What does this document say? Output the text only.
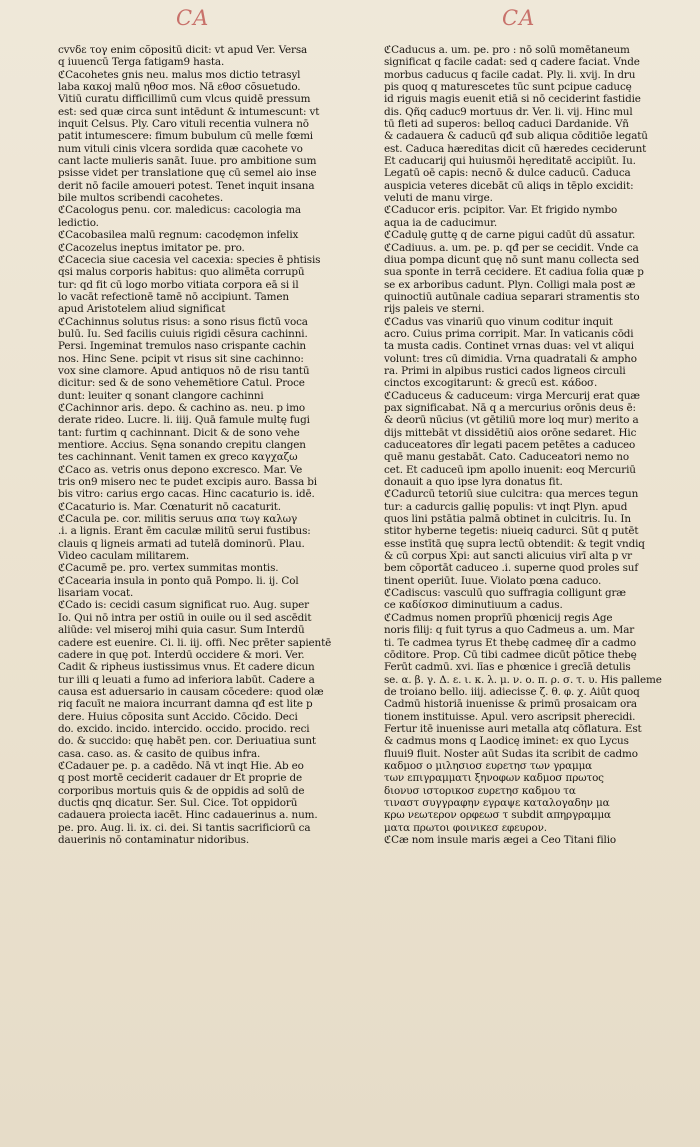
CA	CA
cvvδε τογ enim cõpositū dicit: vt apud Ver. Versa
q iuuencū Terga fatigam9 hasta.
ℭCacohetes gnis neu. malus mos dictio tetrasyl
laba κακοϳ malū ηθοσ mos. Nā εθοσ cõsuetudo.
Vitiū curatu difficillimū cum vlcus quidē pressum
est: sed quæ circa sunt intēdunt & intumescunt: vt
inquit Celsus. Ply. Caro vituli recentia vulnera nō
patit intumescere: fimum bubulum cū melle fœmi
num vituli cinis vlcera sordida quæ cacohete vo
cant lacte mulieris sanāt. Iuue. pro ambitione sum
psisse videt per translatione quę cū semel aio inse
derit nō facile amoueri potest. Tenet inquit insana
bile multos scribendi cacohetes.
ℭCacologus penu. cor. maledicus: cacologia ma
ledictio.
ℭCacobasilea malū regnum: cacodęmon infelix
ℭCacozelus ineptus imitator pe. pro.
ℭCacecia siue cacesia vel cacexia: species ē phtisis
qsi malus corporis habitus: quo alimēta corrupū
tur: qd fit cū logo morbo vitiata corpora eā si il
lo vacāt refectionē tamē nō accipiunt. Tamen
apud Aristotelem aliud significat
ℭCachinnus solutus risus: a sono risus fictū voca
bulū. Iu. Sed facilis cuiuis rigidi cēsura cachinni.
Persi. Ingeminat tremulos naso crispante cachin
nos. Hinc Sene. pcipit vt risus sit sine cachinno:
vox sine clamore. Apud antiquos nō de risu tantū
dicitur: sed & de sono vehemētiore Catul. Proce
dunt: leuiter q sonant clangore cachinni
ℭCachinnor aris. depo. & cachino as. neu. p imo
derate rideo. Lucre. li. iiij. Quā famule multę fugi
tant: furtim q cachinnant. Dicit & de sono vehe
mentiore. Accius. Sęna sonando crepitu clangen
tes cachinnant. Venit tamen ex greco καγχαζω
ℭCaco as. vetris onus depono excresco. Mar. Ve
tris on9 misero nec te pudet excipis auro. Bassa bi
bis vitro: carius ergo cacas. Hinc cacaturio is. idē.
ℭCacaturio is. Mar. Cœnaturit nō cacaturit.
ℭCacula pe. cor. militis seruus απα τωγ καλωγ
.i. a lignis. Erant ēm caculæ militū serui fustibus:
clauis q ligneis armati ad tutelā dominorū. Plau.
Video caculam militarem.
ℭCacumē pe. pro. vertex summitas montis.
ℭCacearia insula in ponto quā Pompo. li. ij. Col
lisariam vocat.
ℭCado is: cecidi casum significat ruo. Aug. super
Io. Qui nō intra per ostiū in ouile ou il sed ascēdit
aliūde: vel miseroj mihi quia casur. Sum Interdū
cadere est euenire. Ci. li. iij. offi. Nec prēter sapientē
cadere in quę pot. Interdū occidere & mori. Ver.
Cadit & ripheus iustissimus vnus. Et cadere dicun
tur illi q leuati a fumo ad inferiora labūt. Cadere a
causa est aduersario in causam cōcedere: quod olæ
riq facuīt ne maiora incurrant damna qđ est lite p
dere. Huius cōposita sunt Accido. Cōcido. Deci
do. excido. incido. intercido. occido. procido. reci
do. & succido: quę habēt pen. cor. Deriuatiua sunt
casa. caso. as. & casito de quibus infra.
ℭCadauer pe. p. a cadēdo. Nā vt inqt Hie. Ab eo
q post mortē ceciderit cadauer dr Et proprie de
corporibus mortuis quis & de oppidis ad solū de
ductis qnq dicatur. Ser. Sul. Cice. Tot oppidorū
cadauera proiecta iacēt. Hinc cadauerinus a. num.
pe. pro. Aug. li. ix. ci. dei. Si tantis sacrificiorū ca
dauerinis nō contaminatur nidoribus.
ℭCaducus a. um. pe. pro : nō solū momētaneum
significat q facile cadat: sed q cadere faciat. Vnde
morbus caducus q facile cadat. Ply. li. xvij. In dru
pis quoq q maturescetes tūc sunt pcipue caducę
id riguis magis euenit etiā si nō ceciderint fastidie
dis. Qñq caduc9 mortuus dr. Ver. li. vij. Hinc mul
tū fleti ad superos: belloq caduci Dardanide. Vñ
& cadauera & caducū qđ sub aliqua cōditiōe legatū
est. Caduca hæreditas dicit cū hæredes ceciderunt
Et caducarij qui huiusmōi hęreditatē accipiūt. Iu.
Legatū oē capis: necnō & dulce caducū. Caduca
auspicia veteres dicebāt cū aliqs in tēplo excidit:
veluti de manu virge.
ℭCaducor eris. pcipitor. Var. Et frigido nymbo
aqua ia de caducimur.
ℭCadulę guttę q de carne pigui cadūt dū assatur.
ℭCadiuus. a. um. pe. p. qđ per se cecidit. Vnde ca
diua pompa dicunt quę nō sunt manu collecta sed
sua sponte in terrā cecidere. Et cadiua folia quæ p
se ex arboribus cadunt. Plyn. Colligi mala post æ
quinoctiū autūnale cadiua separari stramentis sto
rijs paleis ve sterni.
ℭCadus vas vinariū quo vinum coditur inquit
acro. Cuius prima corripit. Mar. In vaticanis cōdi
ta musta cadis. Continet vrnas duas: vel vt aliqui
volunt: tres cū dimidia. Vrna quadratali & ampho
ra. Primi in alpibus rustici cados ligneos circuli
cinctos excogitarunt: & grecū est. κάδοσ.
ℭCaduceus & caduceum: virga Mercurij erat quæ
pax significabat. Nā q a mercurius orōnis deus ē:
& deorū nūcius (vt gētiliū more loq mur) merito a
dijs mittebāt vt dissidētiū aios orōne sedaret. Hic
caduceatores dīr legati pacem petētes a caduceo
quē manu gestabāt. Cato. Caduceatori nemo no
cet. Et caduceū ipm apollo inuenit: eoq Mercuriū
donauit a quo ipse lyra donatus fit.
ℭCadurcū tetoriū siue culcitra: qua merces tegun
tur: a cadurcis gallię populis: vt inqt Plyn. apud
quos lini pstātia palmā obtinet in culcitris. Iu. In
stitor hyberne tegetis: niueiq cadurci. Sūt q putēt
esse instītā quę supra lectū obtendit: & tegit vndiq
& cū corpus Xpi: aut sancti alicuius virī alta p vr
bem cōportāt caduceo .i. superne quod proles suf
tinent operiūt. Iuue. Violato pœna caduco.
ℭCadiscus: vasculū quo suffragia colligunt græ
ce καδίσκοσ diminutiuum a cadus.
ℭCadmus nomen proprīū phœnicij regis Age
noris filij: q fuit tyrus a quo Cadmeus a. um. Mar
ti. Te cadmea tyrus Et thebę cadmeę dīr a cadmo
cōditore. Prop. Cū tibi cadmee dicūt pōtice thebę
Ferūt cadmū. xvi. līas e phœnice i grecīā detulis
se. α. β. γ. Δ. ε. ι. κ. λ. μ. ν. ο. π. ρ. σ. τ. υ. His palleme
de troiano bello. iiij. adiecisse ζ. θ. φ. χ. Aiūt quoq
Cadmū historiā inuenisse & primū prosaicam ora
tionem instituisse. Apul. vero ascripsit pherecidi.
Fertur itē inuenisse auri metalla atq cōflatura. Est
& cadmus mons q Laodicę iminet: ex quo Lycus
fluui9 fluit. Noster aūt Sudas ita scribit de cadmo
καδμοσ ο μιλησιοσ ευρετησ των γραμμα
των επιγραμματι ξηνοφων καδμοσ πρωτος
διονυσ ιστορικοσ ευρετησ καδμου τα
τιναστ συγγραφην εγραψε καταλογαδην μα
κρω νεωτερον ορφεωσ τ subdit απηργραμμα
ματα πρωτοι φοινικεσ εφευρον.
ℭCæ nom insule maris ægei a Ceo Titani filio
